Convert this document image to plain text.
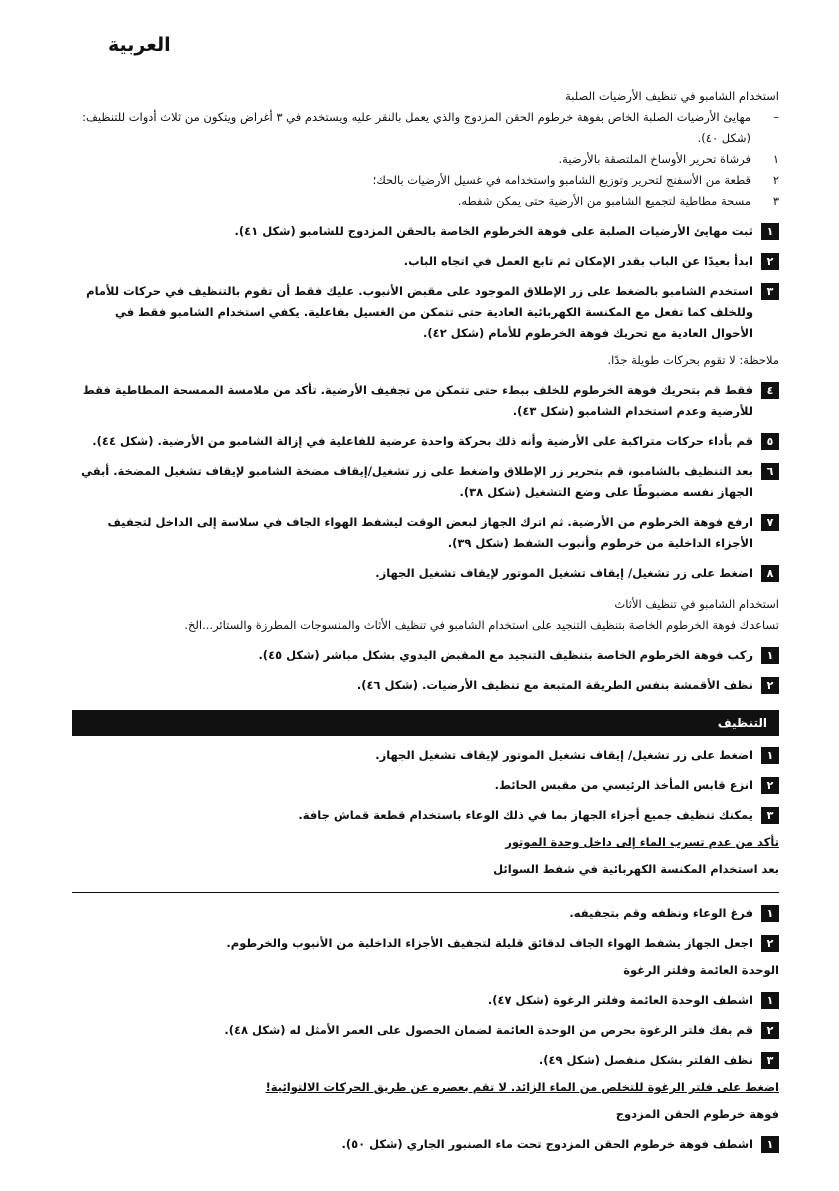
العربية

استخدام الشامبو في تنظيف الأرضيات الصلبة

–
مهايئ الأرضيات الصلبة الخاص بفوهة خرطوم الحقن المزدوج والذي يعمل بالنقر عليه ويستخدم في ٣ أغراض ويتكون من ثلاث أدوات للتنظيف: (شكل ٤٠).
١
فرشاة تحرير الأوساخ الملتصقة بالأرضية.
٢
قطعة من الأسفنج لتحرير وتوزيع الشامبو واستخدامه في غسيل الأرضيات بالحك؛
٣
مسحة مطاطية لتجميع الشامبو من الأرضية حتى يمكن شفطه.
١
ثبت مهايئ الأرضيات الصلبة على فوهة الخرطوم الخاصة بالحقن المزدوج للشامبو (شكل ٤١).
٢
ابدأ بعيدًا عن الباب بقدر الإمكان ثم تابع العمل في اتجاه الباب.
٣
استخدم الشامبو بالضغط على زر الإطلاق الموجود على مقبض الأنبوب. عليك فقط أن تقوم بالتنظيف في حركات للأمام وللخلف كما تفعل مع المكنسة الكهربائية العادية حتى تتمكن من الغسيل بفاعلية. يكفي استخدام الشامبو فقط في الأحوال العادية مع تحريك فوهة الخرطوم للأمام (شكل ٤٢).

ملاحظة: لا تقوم بحركات طويلة جدًا.

٤
فقط قم بتحريك فوهة الخرطوم للخلف ببطء حتى تتمكن من تجفيف الأرضية. تأكد من ملامسة الممسحة المطاطية فقط للأرضية وعدم استخدام الشامبو (شكل ٤٣).
٥
قم بأداء حركات متراكبة على الأرضية وأنه ذلك بحركة واحدة عرضية للفاعلية في إزالة الشامبو من الأرضية. (شكل ٤٤).
٦
بعد التنظيف بالشامبو، قم بتحرير زر الإطلاق واضغط على زر تشغيل/إيقاف مضخة الشامبو لإيقاف تشغيل المضخة. أبقي الجهاز نفسه مضبوطًا على وضع التشغيل (شكل ٣٨).
٧
ارفع فوهة الخرطوم من الأرضية. ثم اترك الجهاز لبعض الوقت ليشفط الهواء الجاف في سلاسة إلى الداخل لتجفيف الأجزاء الداخلية من خرطوم وأنبوب الشفط (شكل ٣٩).
٨
اضغط على زر تشغيل/ إيقاف تشغيل الموتور لإيقاف تشغيل الجهاز.

استخدام الشامبو في تنظيف الأثاث

تساعدك فوهة الخرطوم الخاصة بتنظيف التنجيد على استخدام الشامبو في تنظيف الأثاث والمنسوجات المطرزة والستائر...الخ.

١
ركب فوهة الخرطوم الخاصة بتنظيف التنجيد مع المقبض اليدوي بشكل مباشر (شكل ٤٥).
٢
نظف الأقمشة بنفس الطريقة المتبعة مع تنظيف الأرضيات. (شكل ٤٦).
التنظيف
١
اضغط على زر تشغيل/ إيقاف تشغيل الموتور لإيقاف تشغيل الجهاز.
٢
انزع قابس المأخذ الرئيسي من مقبس الحائط.
٣
يمكنك تنظيف جميع أجزاء الجهاز بما في ذلك الوعاء باستخدام قطعة قماش جافة.

تأكد من عدم تسرب الماء إلى داخل وحدة الموتور

بعد استخدام المكنسة الكهربائية في شفط السوائل

١
فرغ الوعاء ونظفه وقم بتجفيفه.
٢
اجعل الجهاز يشفط الهواء الجاف لدقائق قليلة لتجفيف الأجزاء الداخلية من الأنبوب والخرطوم.

الوحدة العائمة وفلتر الرغوة

١
اشطف الوحدة العائمة وفلتر الرغوة (شكل ٤٧).
٢
قم بفك فلتر الرغوة بحرص من الوحدة العائمة لضمان الحصول على العمر الأمثل له (شكل ٤٨).
٣
نظف الفلتر بشكل منفصل (شكل ٤٩).

اضغط على فلتر الرغوة للتخلص من الماء الزائد. لا تقم بعصره عن طريق الحركات الالتوائية!

فوهة خرطوم الحقن المزدوج

١
اشطف فوهة خرطوم الحقن المزدوج تحت ماء الصنبور الجاري (شكل ٥٠).
